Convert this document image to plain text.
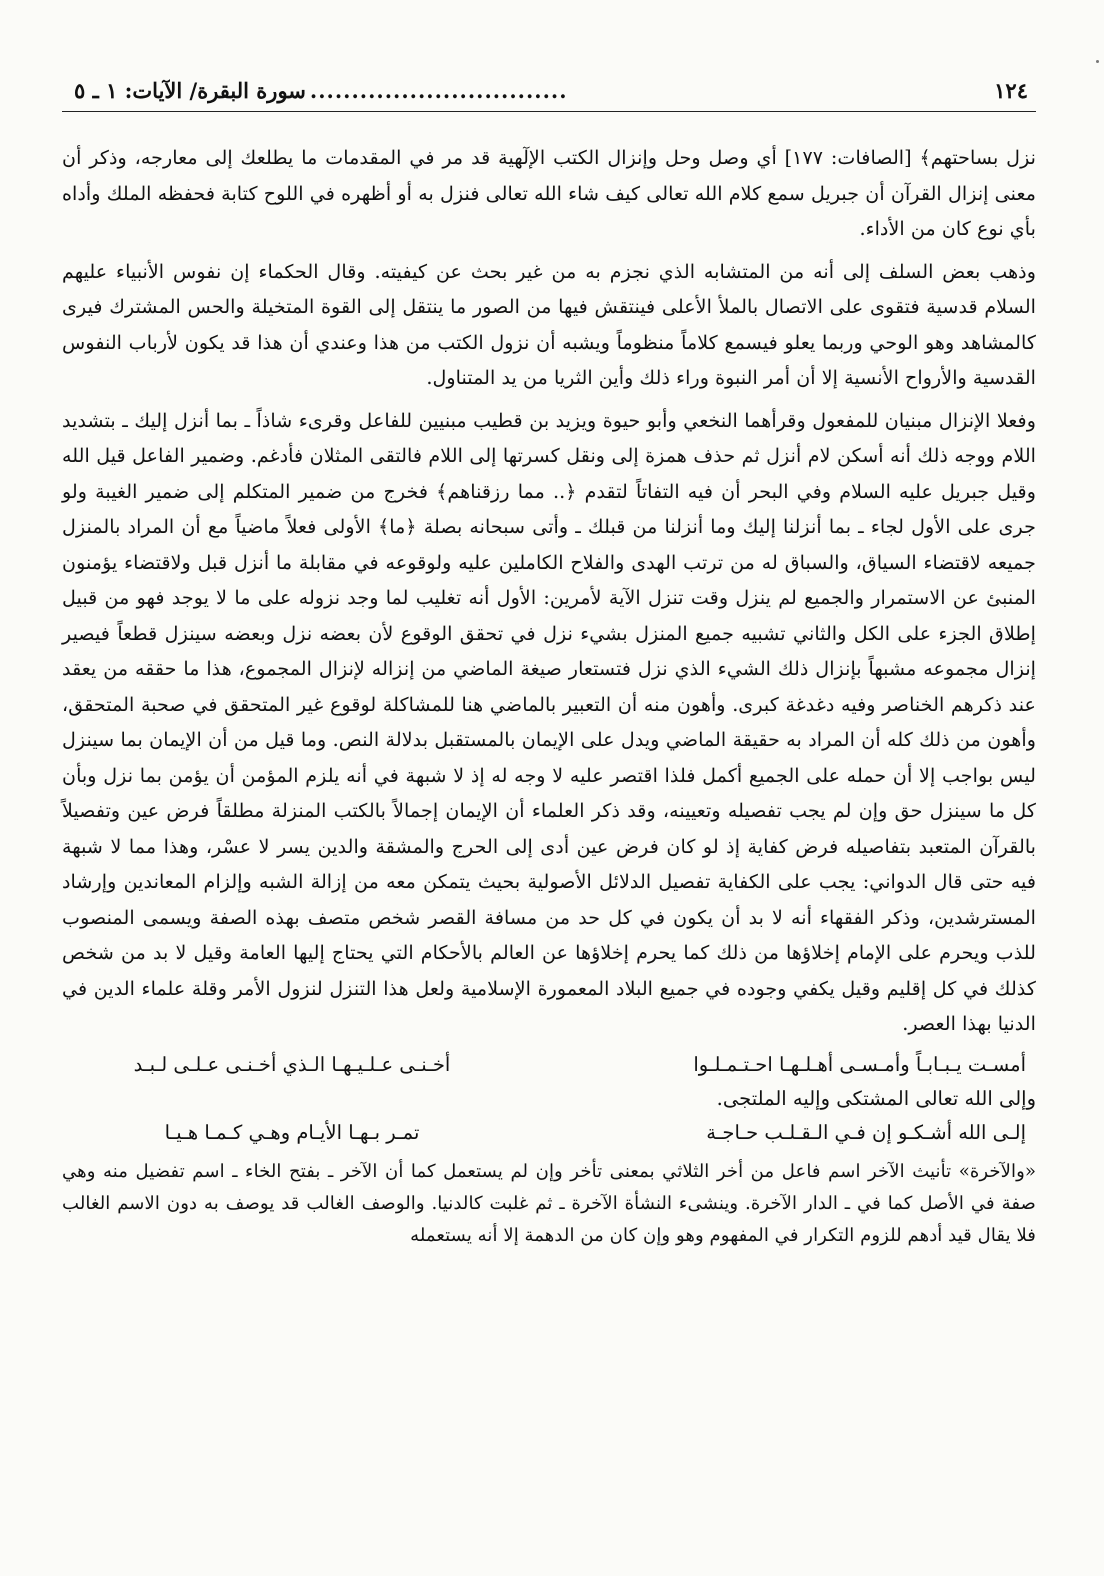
١٢٤
...............................
سورة البقرة/ الآيات: ١ ـ ٥

نزل بساحتهم﴾ [الصافات: ١٧٧] أي وصل وحل وإنزال الكتب الإلٓهية قد مر في المقدمات ما يطلعك إلى معارجه، وذكر أن معنى إنزال القرآن أن جبريل سمع كلام الله تعالى كيف شاء الله تعالى فنزل به أو أظهره في اللوح كتابة فحفظه الملك وأداه بأي نوع كان من الأداء.

وذهب بعض السلف إلى أنه من المتشابه الذي نجزم به من غير بحث عن كيفيته. وقال الحكماء إن نفوس الأنبياء عليهم السلام قدسية فتقوى على الاتصال بالملأ الأعلى فينتقش فيها من الصور ما ينتقل إلى القوة المتخيلة والحس المشترك فيرى كالمشاهد وهو الوحي وربما يعلو فيسمع كلاماً منظوماً ويشبه أن نزول الكتب من هذا وعندي أن هذا قد يكون لأرباب النفوس القدسية والأرواح الأنسية إلا أن أمر النبوة وراء ذلك وأين الثريا من يد المتناول.

وفعلا الإنزال مبنيان للمفعول وقرأهما النخعي وأبو حيوة ويزيد بن قطيب مبنيين للفاعل وقرىء شاذاً ـ بما أنزل إليك ـ بتشديد اللام ووجه ذلك أنه أسكن لام أنزل ثم حذف همزة إلى ونقل كسرتها إلى اللام فالتقى المثلان فأدغم. وضمير الفاعل قيل الله وقيل جبريل عليه السلام وفي البحر أن فيه التفاتاً لتقدم ﴿.. مما رزقناهم﴾ فخرج من ضمير المتكلم إلى ضمير الغيبة ولو جرى على الأول لجاء ـ بما أنزلنا إليك وما أنزلنا من قبلك ـ وأتى سبحانه بصلة ﴿ما﴾ الأولى فعلاً ماضياً مع أن المراد بالمنزل جميعه لاقتضاء السياق، والسباق له من ترتب الهدى والفلاح الكاملين عليه ولوقوعه في مقابلة ما أنزل قبل ولاقتضاء يؤمنون المنبئ عن الاستمرار والجميع لم ينزل وقت تنزل الآية لأمرين: الأول أنه تغليب لما وجد نزوله على ما لا يوجد فهو من قبيل إطلاق الجزء على الكل والثاني تشبيه جميع المنزل بشيء نزل في تحقق الوقوع لأن بعضه نزل وبعضه سينزل قطعاً فيصير إنزال مجموعه مشبهاً بإنزال ذلك الشيء الذي نزل فتستعار صيغة الماضي من إنزاله لإنزال المجموع، هذا ما حققه من يعقد عند ذكرهم الخناصر وفيه دغدغة كبرى. وأهون منه أن التعبير بالماضي هنا للمشاكلة لوقوع غير المتحقق في صحبة المتحقق، وأهون من ذلك كله أن المراد به حقيقة الماضي ويدل على الإيمان بالمستقبل بدلالة النص. وما قيل من أن الإيمان بما سينزل ليس بواجب إلا أن حمله على الجميع أكمل فلذا اقتصر عليه لا وجه له إذ لا شبهة في أنه يلزم المؤمن أن يؤمن بما نزل وبأن كل ما سينزل حق وإن لم يجب تفصيله وتعيينه، وقد ذكر العلماء أن الإيمان إجمالاً بالكتب المنزلة مطلقاً فرض عين وتفصيلاً بالقرآن المتعبد بتفاصيله فرض كفاية إذ لو كان فرض عين أدى إلى الحرج والمشقة والدين يسر لا عسْر، وهذا مما لا شبهة فيه حتى قال الدواني: يجب على الكفاية تفصيل الدلائل الأصولية بحيث يتمكن معه من إزالة الشبه وإلزام المعاندين وإرشاد المسترشدين، وذكر الفقهاء أنه لا بد أن يكون في كل حد من مسافة القصر شخص متصف بهذه الصفة ويسمى المنصوب للذب ويحرم على الإمام إخلاؤها من ذلك كما يحرم إخلاؤها عن العالم بالأحكام التي يحتاج إليها العامة وقيل لا بد من شخص كذلك في كل إقليم وقيل يكفي وجوده في جميع البلاد المعمورة الإسلامية ولعل هذا التنزل لنزول الأمر وقلة علماء الدين في الدنيا بهذا العصر.

أمسـت يـبـابـاً وأمـسـى أهـلـهـا احـتـمـلـوا
أخـنـى عـلـيـهـا الـذي أخـنـى عـلـى لـبـد
وإلى الله تعالى المشتكى وإليه الملتجى.
إلـى الله أشـكـو إن فـي الـقـلـب حـاجـة
تمـر بـهـا الأيـام وهـي كـمـا هـيـا

«والآخرة» تأنيث الآخر اسم فاعل من أخر الثلاثي بمعنى تأخر وإن لم يستعمل كما أن الآخر ـ بفتح الخاء ـ اسم تفضيل منه وهي صفة في الأصل كما في ـ الدار الآخرة. وينشىء النشأة الآخرة ـ ثم غلبت كالدنيا. والوصف الغالب قد يوصف به دون الاسم الغالب فلا يقال قيد أدهم للزوم التكرار في المفهوم وهو وإن كان من الدهمة إلا أنه يستعمله
